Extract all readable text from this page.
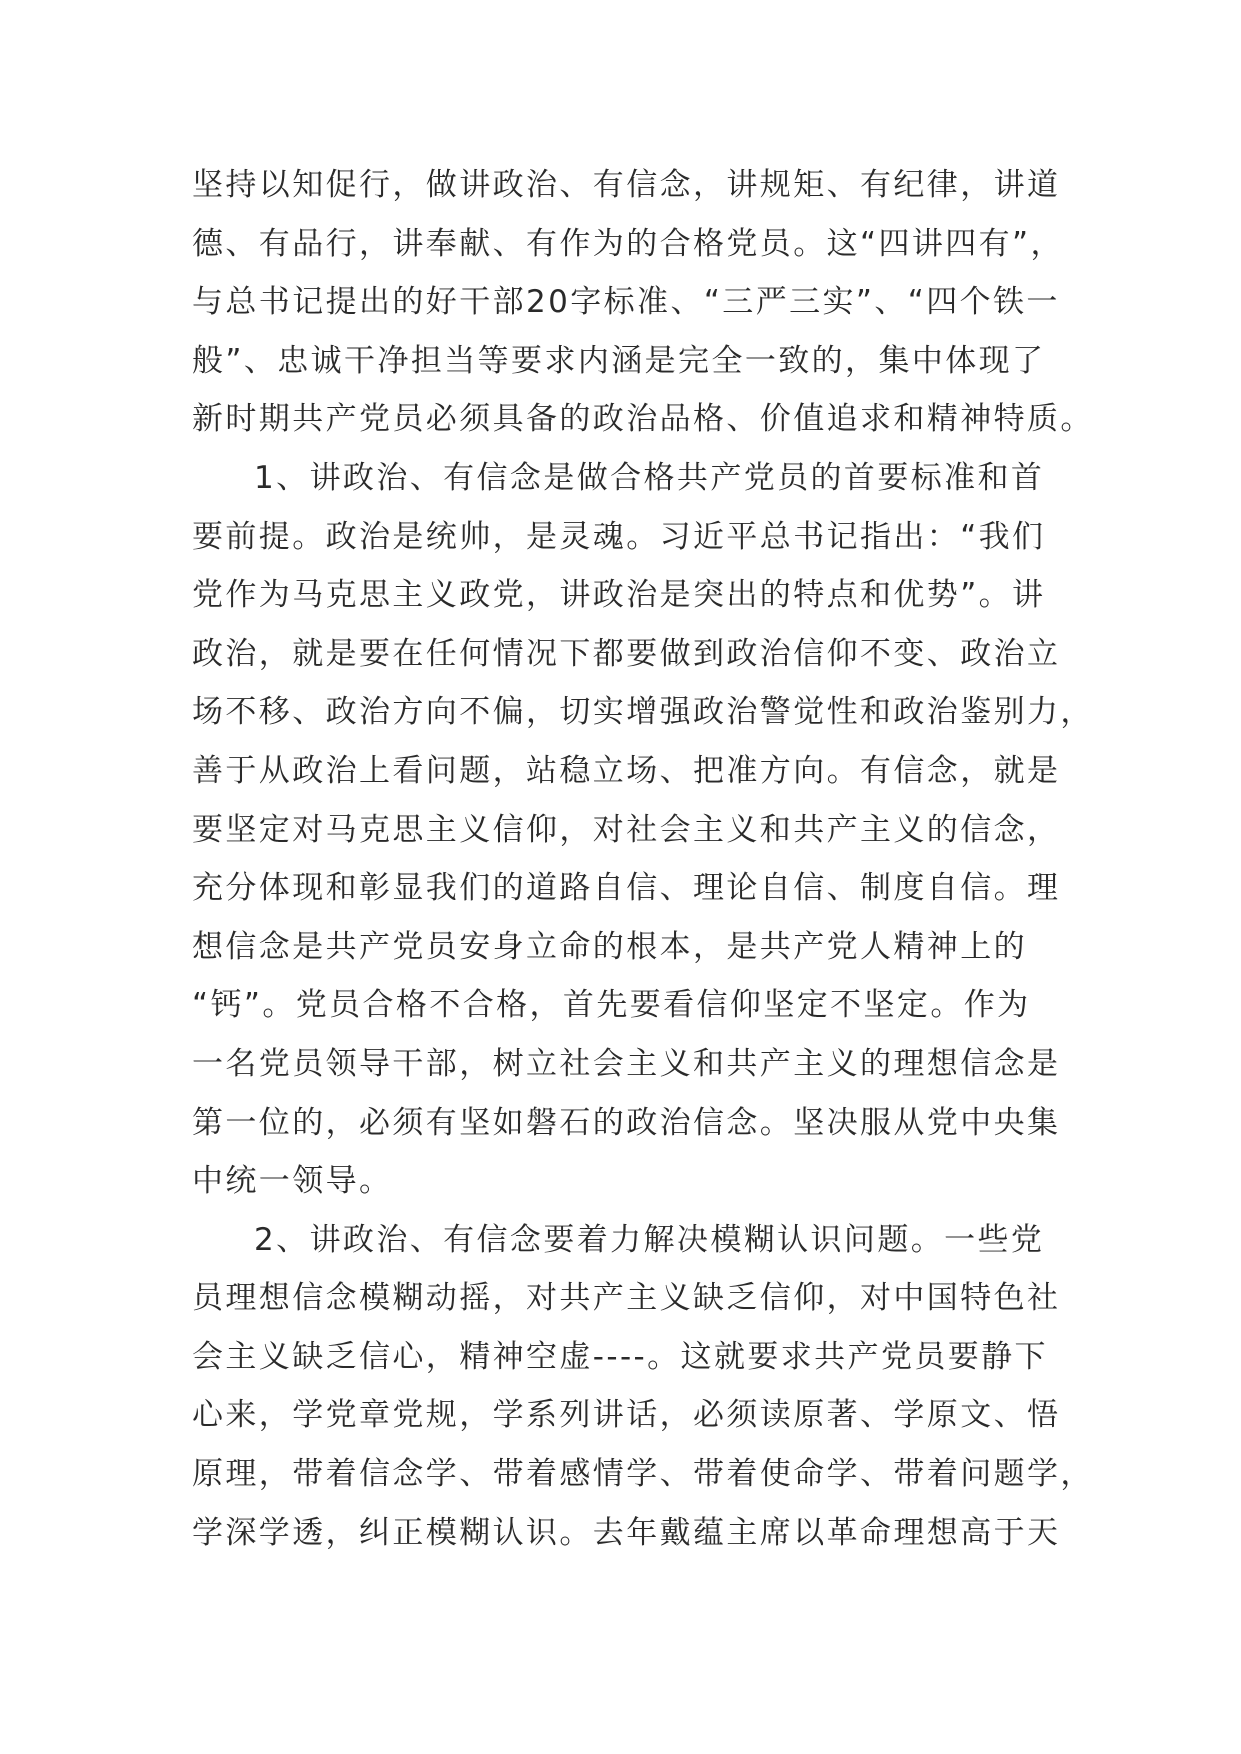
坚持以知促行，做讲政治、有信念，讲规矩、有纪律，讲道
德、有品行，讲奉献、有作为的合格党员。这“四讲四有”，
与总书记提出的好干部20字标准、“三严三实”、“四个铁一
般”、忠诚干净担当等要求内涵是完全一致的，集中体现了
新时期共产党员必须具备的政治品格、价值追求和精神特质。
1、讲政治、有信念是做合格共产党员的首要标准和首
要前提。政治是统帅，是灵魂。习近平总书记指出：“我们
党作为马克思主义政党，讲政治是突出的特点和优势”。讲
政治，就是要在任何情况下都要做到政治信仰不变、政治立
场不移、政治方向不偏，切实增强政治警觉性和政治鉴别力，
善于从政治上看问题，站稳立场、把准方向。有信念，就是
要坚定对马克思主义信仰，对社会主义和共产主义的信念，
充分体现和彰显我们的道路自信、理论自信、制度自信。理
想信念是共产党员安身立命的根本，是共产党人精神上的
“钙”。党员合格不合格，首先要看信仰坚定不坚定。作为
一名党员领导干部，树立社会主义和共产主义的理想信念是
第一位的，必须有坚如磐石的政治信念。坚决服从党中央集
中统一领导。
2、讲政治、有信念要着力解决模糊认识问题。一些党
员理想信念模糊动摇，对共产主义缺乏信仰，对中国特色社
会主义缺乏信心，精神空虚----。这就要求共产党员要静下
心来，学党章党规，学系列讲话，必须读原著、学原文、悟
原理，带着信念学、带着感情学、带着使命学、带着问题学，
学深学透，纠正模糊认识。去年戴蕴主席以革命理想高于天
